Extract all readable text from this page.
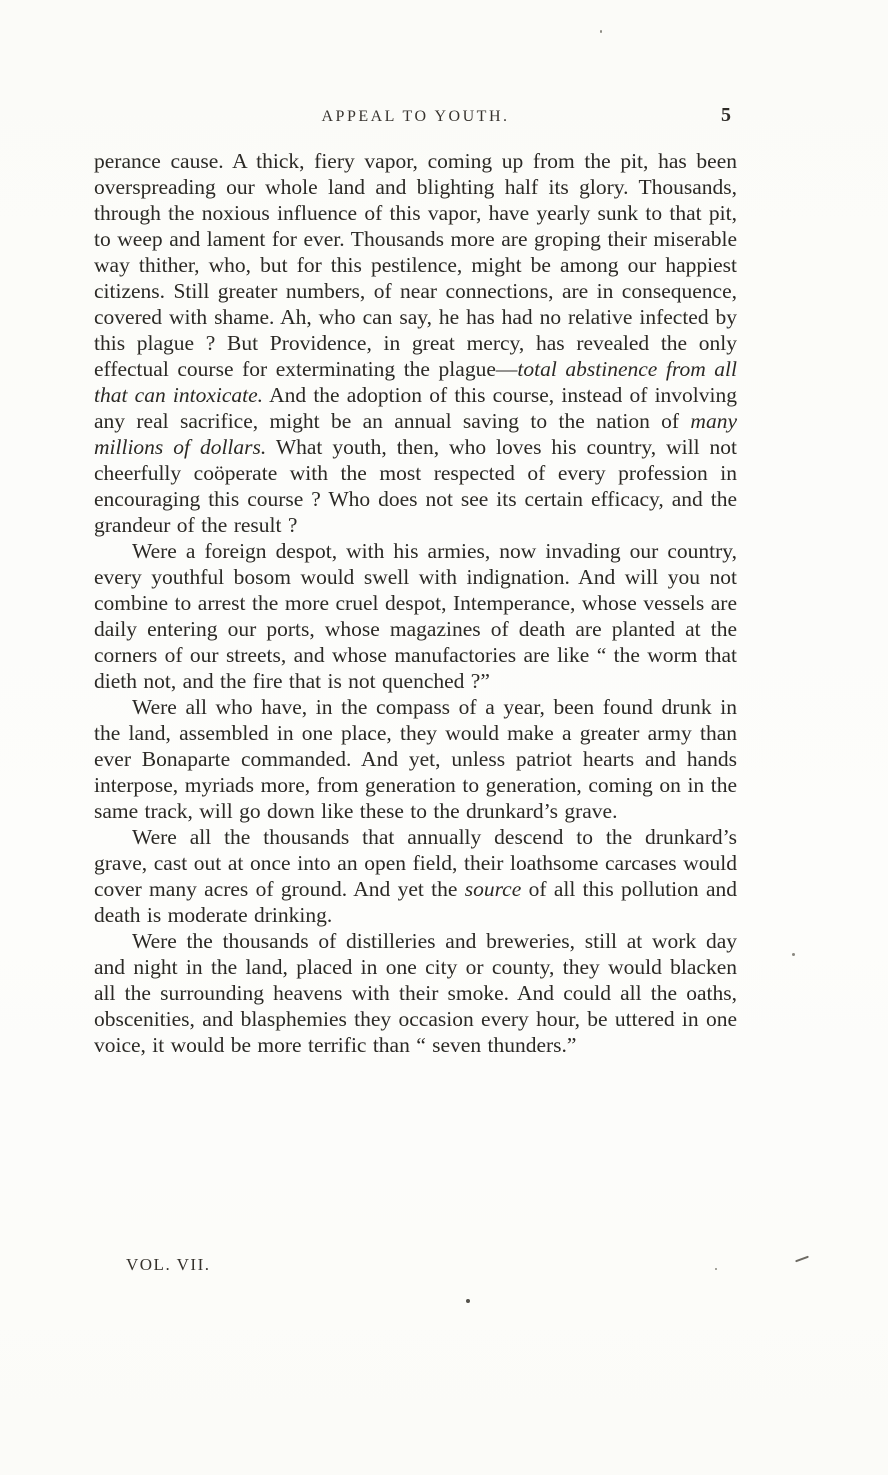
APPEAL TO YOUTH.	5

perance cause. A thick, fiery vapor, coming up from the pit, has been overspreading our whole land and blighting half its glory. Thousands, through the noxious influence of this vapor, have yearly sunk to that pit, to weep and lament for ever. Thousands more are groping their miserable way thither, who, but for this pestilence, might be among our happiest citizens. Still greater numbers, of near connections, are in consequence, covered with shame. Ah, who can say, he has had no relative infected by this plague ? But Providence, in great mercy, has revealed the only effectual course for exterminating the plague—total abstinence from all that can intoxicate. And the adoption of this course, instead of involving any real sacrifice, might be an annual saving to the nation of many millions of dollars. What youth, then, who loves his country, will not cheerfully coöperate with the most respected of every profession in encouraging this course ? Who does not see its certain efficacy, and the grandeur of the result ?

Were a foreign despot, with his armies, now invading our country, every youthful bosom would swell with indignation. And will you not combine to arrest the more cruel despot, Intemperance, whose vessels are daily entering our ports, whose magazines of death are planted at the corners of our streets, and whose manufactories are like “ the worm that dieth not, and the fire that is not quenched ?”

Were all who have, in the compass of a year, been found drunk in the land, assembled in one place, they would make a greater army than ever Bonaparte commanded. And yet, unless patriot hearts and hands interpose, myriads more, from generation to generation, coming on in the same track, will go down like these to the drunkard’s grave.

Were all the thousands that annually descend to the drunkard’s grave, cast out at once into an open field, their loathsome carcases would cover many acres of ground. And yet the source of all this pollution and death is moderate drinking.

Were the thousands of distilleries and breweries, still at work day and night in the land, placed in one city or county, they would blacken all the surrounding heavens with their smoke. And could all the oaths, obscenities, and blasphemies they occasion every hour, be uttered in one voice, it would be more terrific than “ seven thunders.”

VOL. VII.
